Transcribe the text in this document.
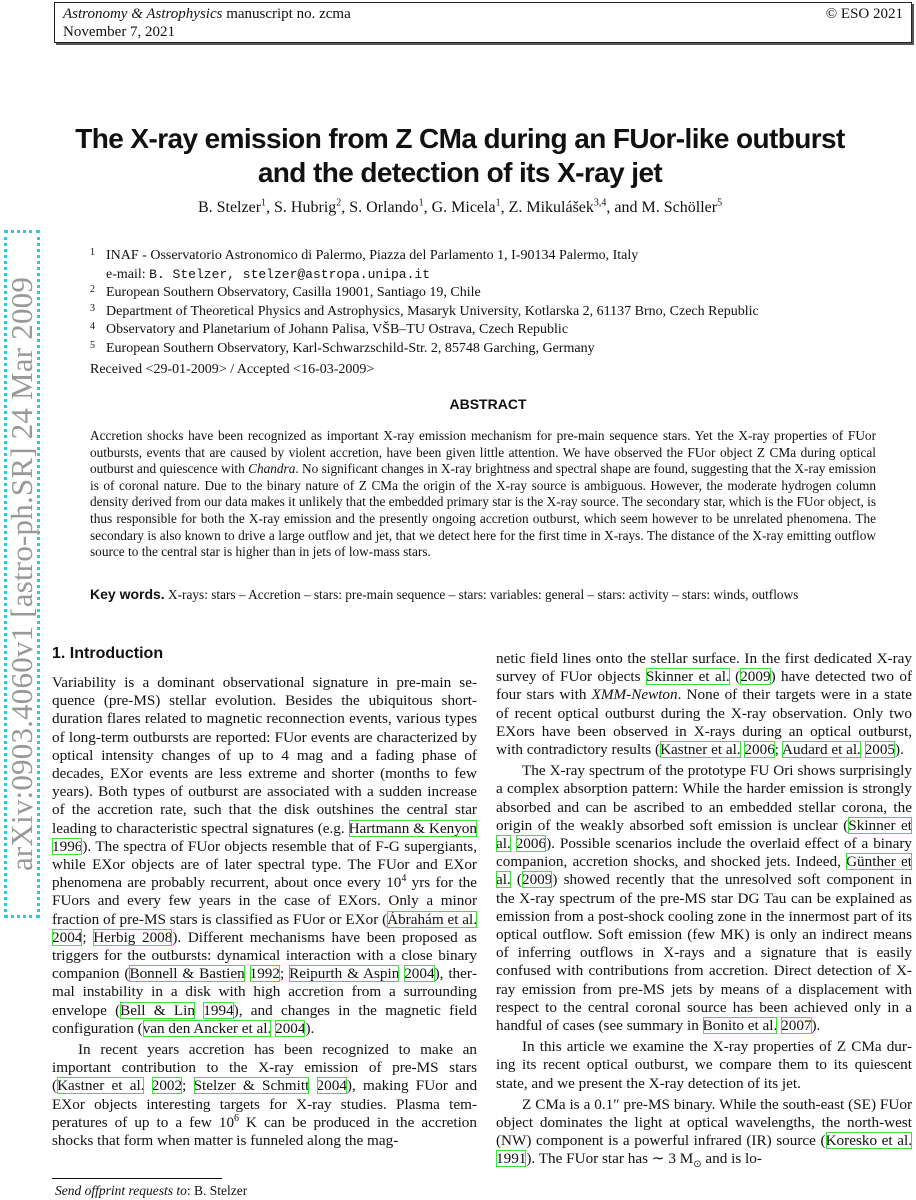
Astronomy & Astrophysics manuscript no. zcma
November 7, 2021
© ESO 2021
arXiv:0903.4060v1 [astro-ph.SR] 24 Mar 2009
The X-ray emission from Z CMa during an FUor-like outburst
and the detection of its X-ray jet
B. Stelzer$^1$, S. Hubrig$^2$, S. Orlando$^1$, G. Micela$^1$, Z. Mikulášek$^{3,4}$, and M. Schöller$^5$
1 INAF - Osservatorio Astronomico di Palermo, Piazza del Parlamento 1, I-90134 Palermo, Italy
e-mail: B. Stelzer, stelzer@astropa.unipa.it
2 European Southern Observatory, Casilla 19001, Santiago 19, Chile
3 Department of Theoretical Physics and Astrophysics, Masaryk University, Kotlarska 2, 61137 Brno, Czech Republic
4 Observatory and Planetarium of Johann Palisa, VŠB–TU Ostrava, Czech Republic
5 European Southern Observatory, Karl-Schwarzschild-Str. 2, 85748 Garching, Germany
Received <29-01-2009> / Accepted <16-03-2009>
ABSTRACT
Accretion shocks have been recognized as important X-ray emission mechanism for pre-main sequence stars. Yet the X-ray properties of FUor outbursts, events that are caused by violent accretion, have been given little attention. We have observed the FUor object Z CMa during optical outburst and quiescence with Chandra. No significant changes in X-ray brightness and spectral shape are found, suggesting that the X-ray emission is of coronal nature. Due to the binary nature of Z CMa the origin of the X-ray source is ambiguous. However, the moderate hydrogen column density derived from our data makes it unlikely that the embedded primary star is the X-ray source. The secondary star, which is the FUor object, is thus responsible for both the X-ray emission and the presently ongoing accretion outburst, which seem however to be unrelated phenomena. The secondary is also known to drive a large outflow and jet, that we detect here for the first time in X-rays. The distance of the X-ray emitting outflow source to the central star is higher than in jets of low-mass stars.
Key words. X-rays: stars – Accretion – stars: pre-main sequence – stars: variables: general – stars: activity – stars: winds, outflows
1. Introduction

Variability is a dominant observational signature in pre-main sequence (pre-MS) stellar evolution. Besides the ubiquitous short-duration flares related to magnetic reconnection events, various types of long-term outbursts are reported: FUor events are characterized by optical intensity changes of up to 4 mag and a fading phase of decades, EXor events are less extreme and shorter (months to few years). Both types of outburst are associated with a sudden increase of the accretion rate, such that the disk outshines the central star leading to characteristic spectral signatures (e.g. Hartmann & Kenyon 1996). The spectra of FUor objects resemble that of F-G supergiants, while EXor objects are of later spectral type. The FUor and EXor phenomena are probably recurrent, about once every $10^4$ yrs for the FUors and every few years in the case of EXors. Only a minor fraction of pre-MS stars is classified as FUor or EXor (Ábrahám et al. 2004; Herbig 2008). Different mechanisms have been proposed as triggers for the outbursts: dynamical interaction with a close binary companion (Bonnell & Bastien 1992; Reipurth & Aspin 2004), thermal instability in a disk with high accretion from a surrounding envelope (Bell & Lin 1994), and changes in the magnetic field configuration (van den Ancker et al. 2004).

In recent years accretion has been recognized to make an important contribution to the X-ray emission of pre-MS stars (Kastner et al. 2002; Stelzer & Schmitt 2004), making FUor and EXor objects interesting targets for X-ray studies. Plasma temperatures of up to a few $10^6$ K can be produced in the accretion shocks that form when matter is funneled along the mag-

netic field lines onto the stellar surface. In the first dedicated X-ray survey of FUor objects Skinner et al. (2009) have detected two of four stars with XMM-Newton. None of their targets were in a state of recent optical outburst during the X-ray observation. Only two EXors have been observed in X-rays during an optical outburst, with contradictory results (Kastner et al. 2006; Audard et al. 2005).

The X-ray spectrum of the prototype FU Ori shows surprisingly a complex absorption pattern: While the harder emission is strongly absorbed and can be ascribed to an embedded stellar corona, the origin of the weakly absorbed soft emission is unclear (Skinner et al. 2006). Possible scenarios include the overlaid effect of a binary companion, accretion shocks, and shocked jets. Indeed, Günther et al. (2009) showed recently that the unresolved soft component in the X-ray spectrum of the pre-MS star DG Tau can be explained as emission from a post-shock cooling zone in the innermost part of its optical outflow. Soft emission (few MK) is only an indirect means of inferring outflows in X-rays and a signature that is easily confused with contributions from accretion. Direct detection of X-ray emission from pre-MS jets by means of a displacement with respect to the central coronal source has been achieved only in a handful of cases (see summary in Bonito et al. 2007).

In this article we examine the X-ray properties of Z CMa during its recent optical outburst, we compare them to its quiescent state, and we present the X-ray detection of its jet.

Z CMa is a 0.1″ pre-MS binary. While the south-east (SE) FUor object dominates the light at optical wavelengths, the north-west (NW) component is a powerful infrared (IR) source (Koresko et al. 1991). The FUor star has ∼ 3 $M_⊙$ and is lo-

Send offprint requests to: B. Stelzer
